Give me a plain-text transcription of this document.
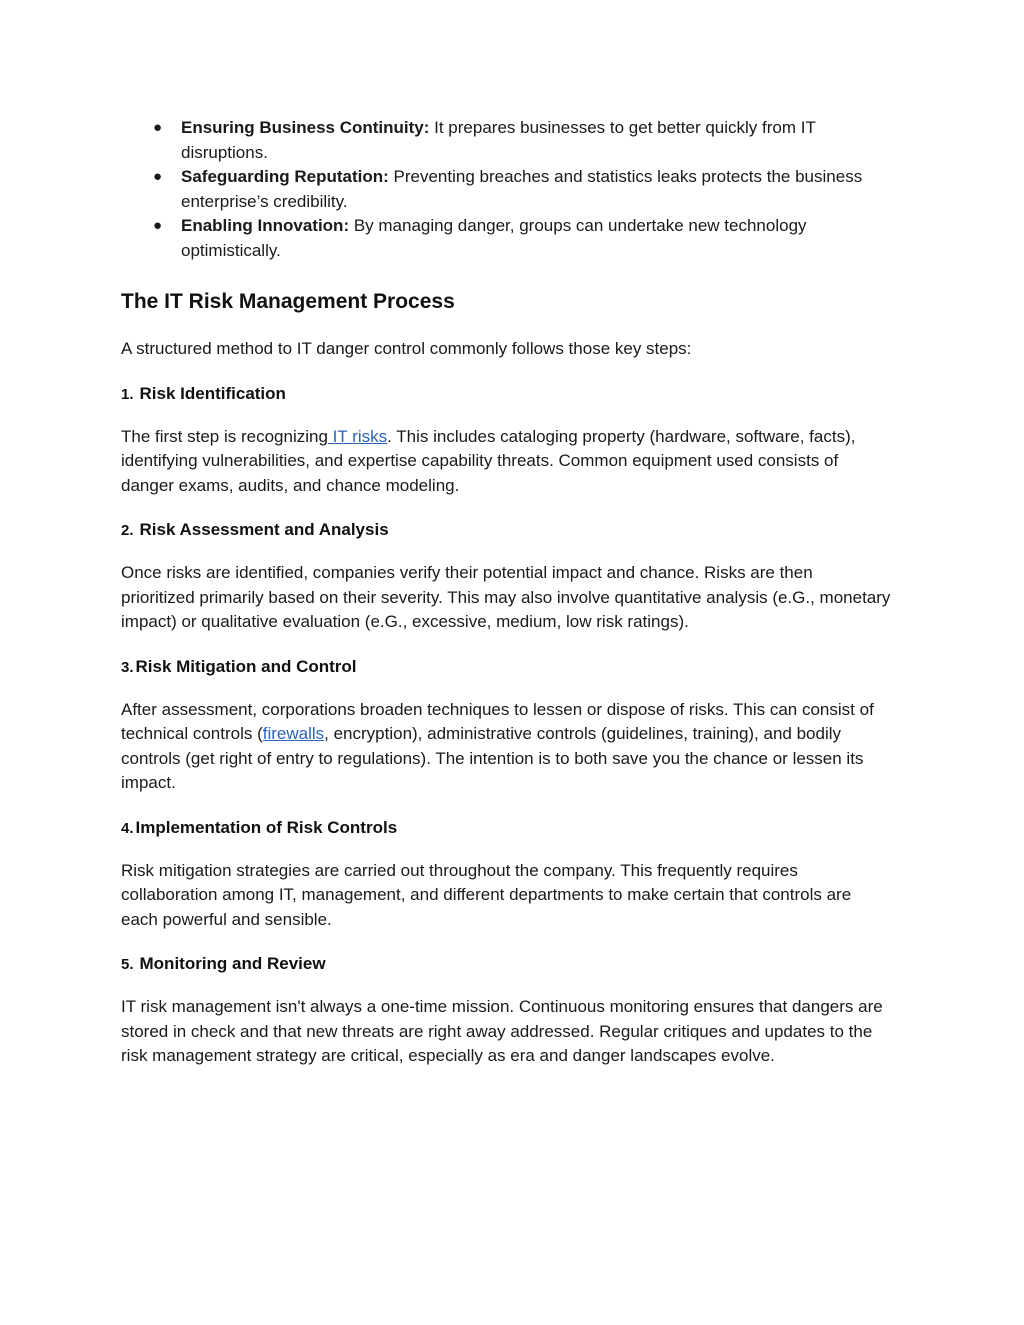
● Ensuring Business Continuity: It prepares businesses to get better quickly from IT disruptions.
● Safeguarding Reputation: Preventing breaches and statistics leaks protects the business enterprise’s credibility.
● Enabling Innovation: By managing danger, groups can undertake new technology optimistically.
The IT Risk Management Process

A structured method to IT danger control commonly follows those key steps:

1. Risk Identification

The first step is recognizing IT risks. This includes cataloging property (hardware, software, facts), identifying vulnerabilities, and expertise capability threats. Common equipment used consists of danger exams, audits, and chance modeling.

2. Risk Assessment and Analysis

Once risks are identified, companies verify their potential impact and chance. Risks are then prioritized primarily based on their severity. This may also involve quantitative analysis (e.G., monetary impact) or qualitative evaluation (e.G., excessive, medium, low risk ratings).

3. Risk Mitigation and Control

After assessment, corporations broaden techniques to lessen or dispose of risks. This can consist of technical controls (firewalls, encryption), administrative controls (guidelines, training), and bodily controls (get right of entry to regulations). The intention is to both save you the chance or lessen its impact.

4. Implementation of Risk Controls

Risk mitigation strategies are carried out throughout the company. This frequently requires collaboration among IT, management, and different departments to make certain that controls are each powerful and sensible.

5. Monitoring and Review

IT risk management isn't always a one-time mission. Continuous monitoring ensures that dangers are stored in check and that new threats are right away addressed. Regular critiques and updates to the risk management strategy are critical, especially as era and danger landscapes evolve.
